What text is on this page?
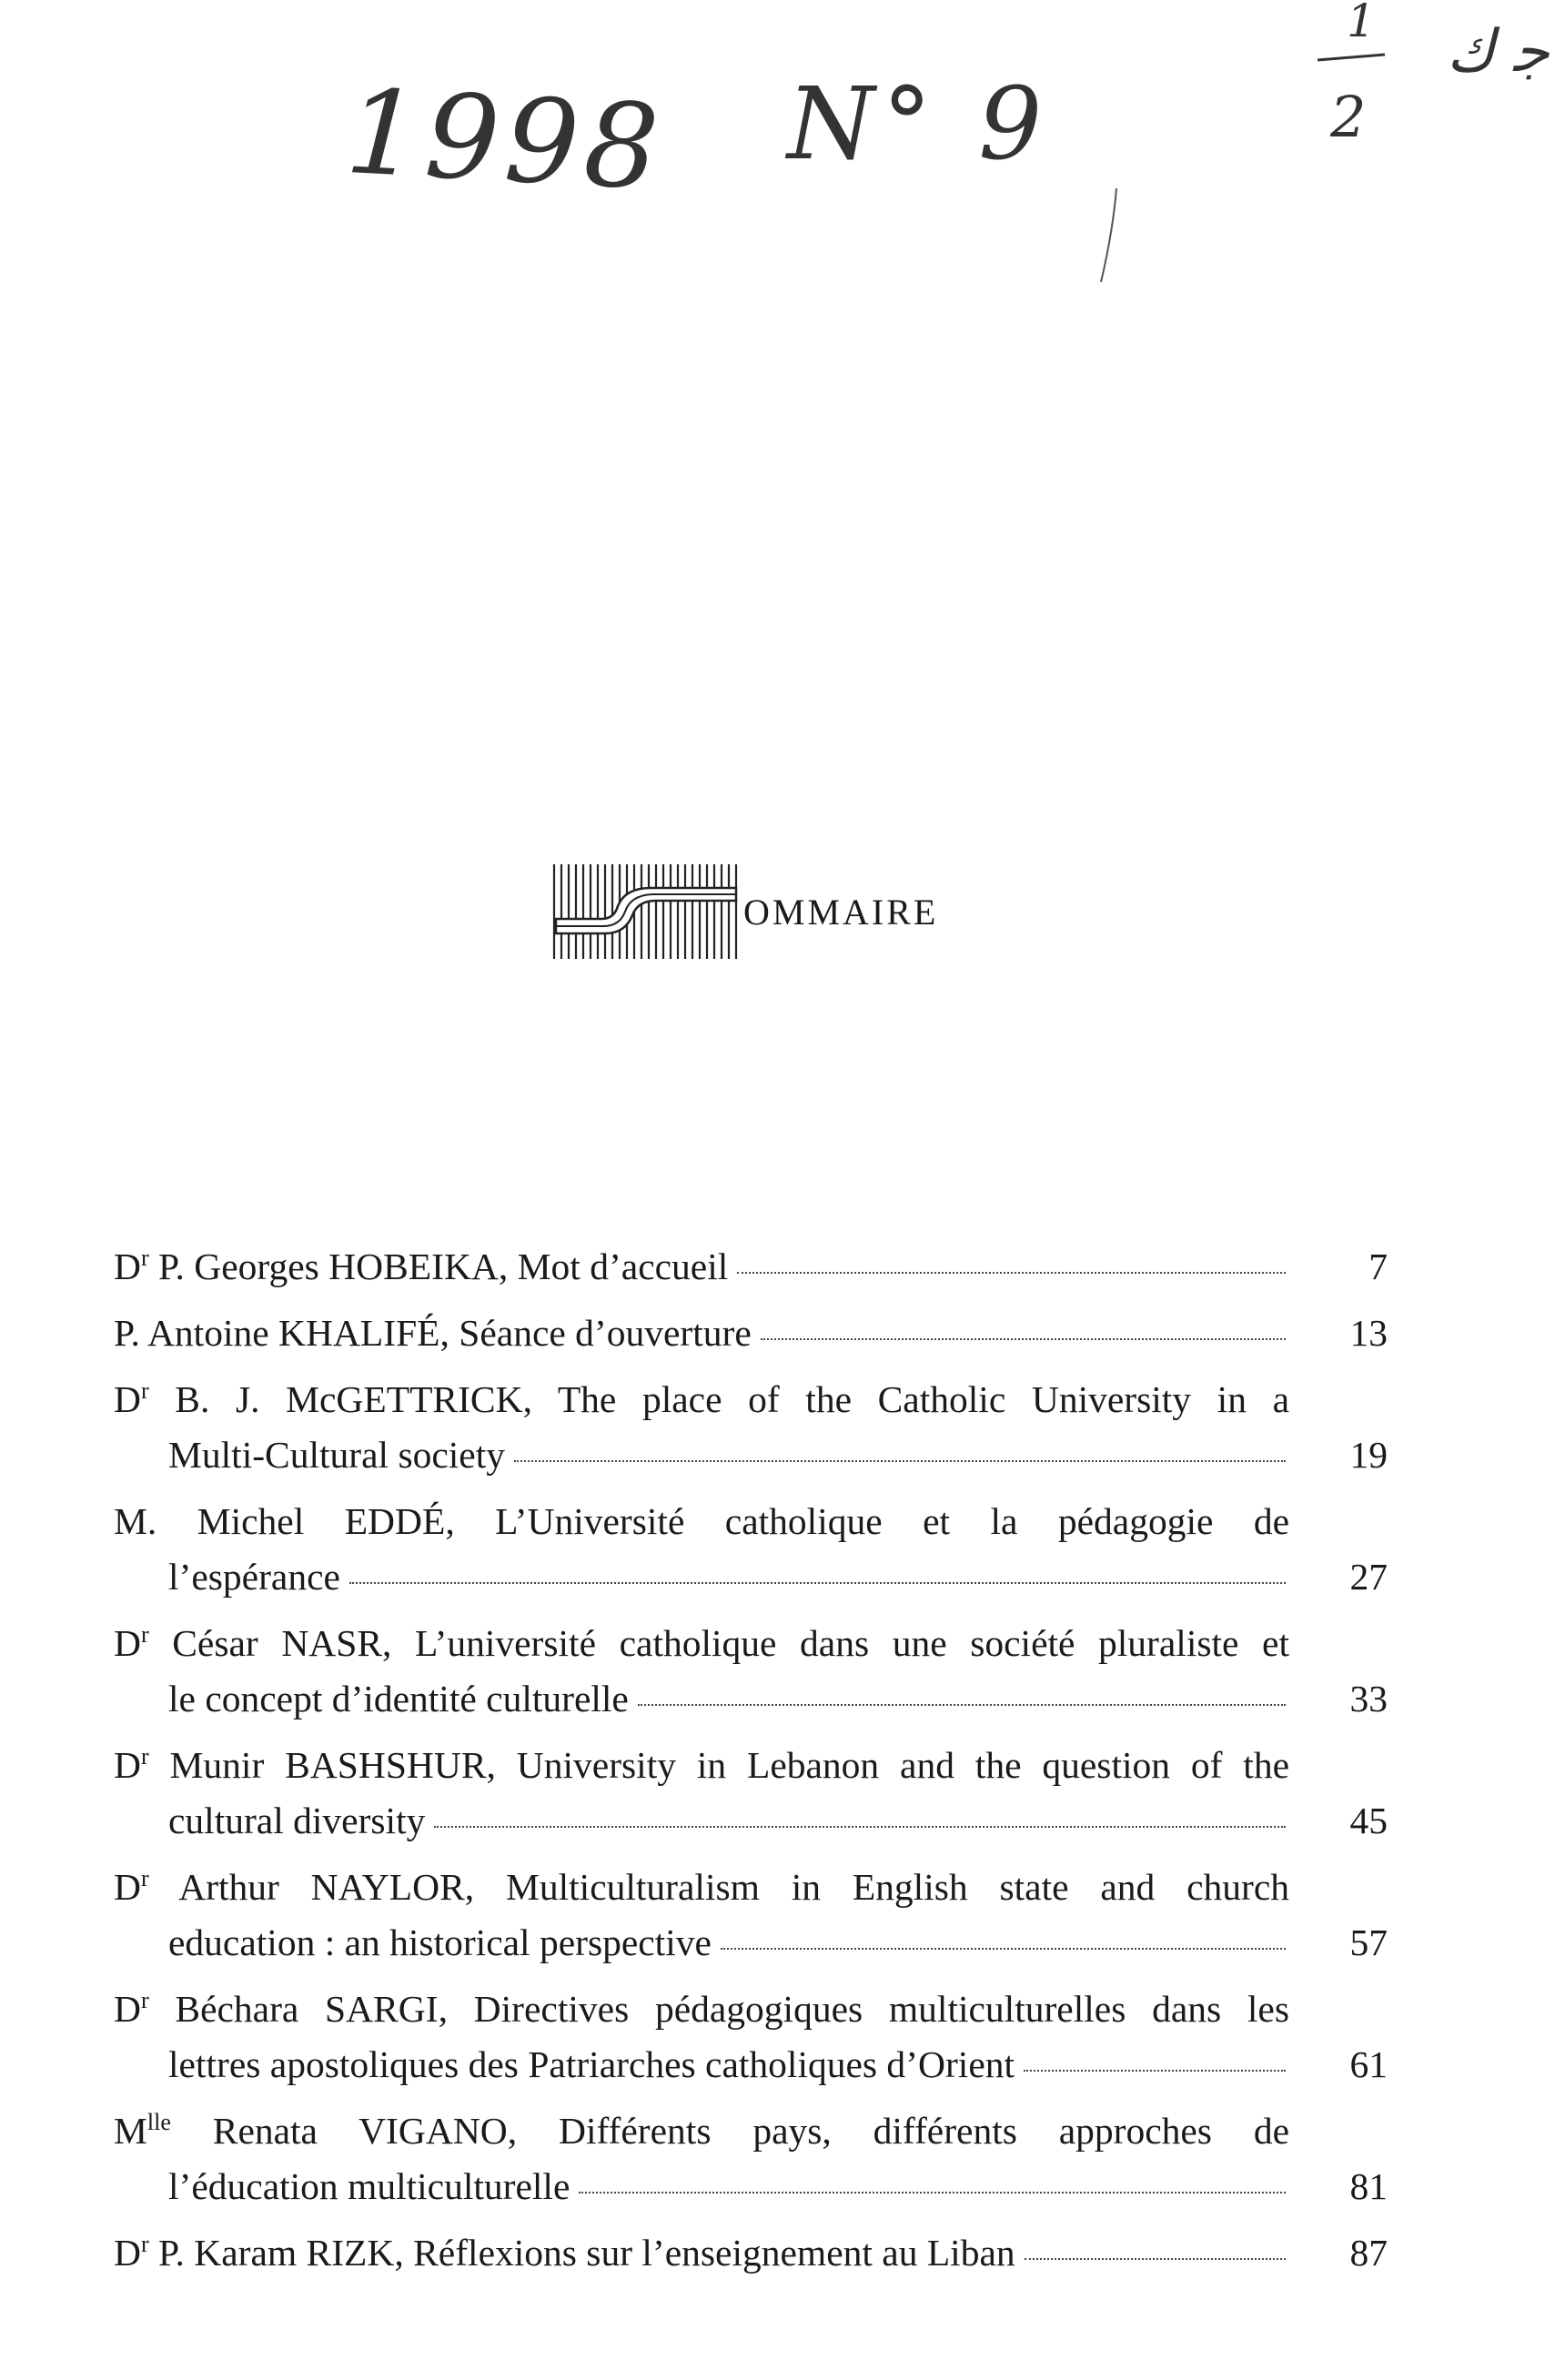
1998 N° 9
1
2
ﺟ ﻙ
OMMAIRE
$D^r$ P. Georges HOBEIKA, Mot d’accueil	7
P. Antoine KHALIFÉ, Séance d’ouverture	13
$D^r$ B. J. McGETTRICK, The place of the Catholic University in a
Multi-Cultural society	19
M. Michel EDDÉ, L’Université catholique et la pédagogie de
l’espérance	27
$D^r$ César NASR, L’université catholique dans une société pluraliste et
le concept d’identité culturelle	33
$D^r$ Munir BASHSHUR, University in Lebanon and the question of the
cultural diversity	45
$D^r$ Arthur NAYLOR, Multiculturalism in English state and church
education : an historical perspective	57
$D^r$ Béchara SARGI, Directives pédagogiques multiculturelles dans les
lettres apostoliques des Patriarches catholiques d’Orient	61
$M^{lle}$ Renata VIGANO, Différents pays, différents approches de
l’éducation multiculturelle	81
$D^r$ P. Karam RIZK, Réflexions sur l’enseignement au Liban	87
